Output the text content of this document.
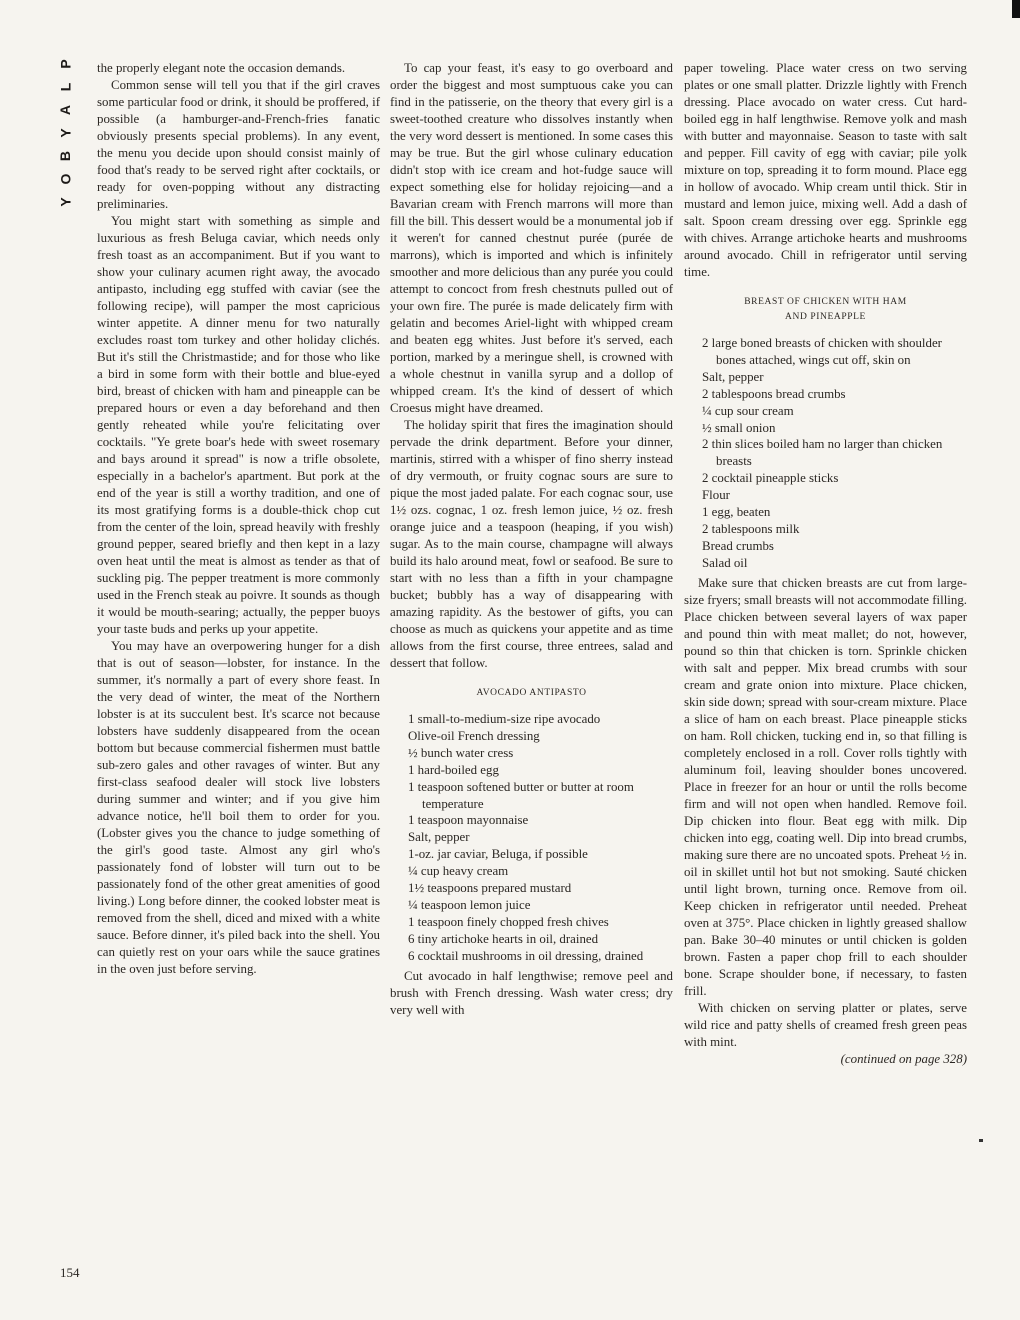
P
L
A
Y
B
O
Y

the properly elegant note the occasion demands.

Common sense will tell you that if the girl craves some particular food or drink, it should be proffered, if possible (a hamburger-and-French-fries fanatic obviously presents special problems). In any event, the menu you decide upon should consist mainly of food that's ready to be served right after cocktails, or ready for oven-popping without any distracting preliminaries.

You might start with something as simple and luxurious as fresh Beluga caviar, which needs only fresh toast as an accompaniment. But if you want to show your culinary acumen right away, the avocado antipasto, including egg stuffed with caviar (see the following recipe), will pamper the most capricious winter appetite. A dinner menu for two naturally excludes roast tom turkey and other holiday clichés. But it's still the Christmastide; and for those who like a bird in some form with their bottle and blue-eyed bird, breast of chicken with ham and pineapple can be prepared hours or even a day beforehand and then gently reheated while you're felicitating over cocktails. "Ye grete boar's hede with sweet rosemary and bays around it spread" is now a trifle obsolete, especially in a bachelor's apartment. But pork at the end of the year is still a worthy tradition, and one of its most gratifying forms is a double-thick chop cut from the center of the loin, spread heavily with freshly ground pepper, seared briefly and then kept in a lazy oven heat until the meat is almost as tender as that of suckling pig. The pepper treatment is more commonly used in the French steak au poivre. It sounds as though it would be mouth-searing; actually, the pepper buoys your taste buds and perks up your appetite.

You may have an overpowering hunger for a dish that is out of season—lobster, for instance. In the summer, it's normally a part of every shore feast. In the very dead of winter, the meat of the Northern lobster is at its succulent best. It's scarce not because lobsters have suddenly disappeared from the ocean bottom but because commercial fishermen must battle sub-zero gales and other ravages of winter. But any first-class seafood dealer will stock live lobsters during summer and winter; and if you give him advance notice, he'll boil them to order for you. (Lobster gives you the chance to judge something of the girl's good taste. Almost any girl who's passionately fond of lobster will turn out to be passionately fond of the other great amenities of good living.) Long before dinner, the cooked lobster meat is removed from the shell, diced and mixed with a white sauce. Before dinner, it's piled back into the shell. You can quietly rest on your oars while the sauce gratines in the oven just before serving.

To cap your feast, it's easy to go overboard and order the biggest and most sumptuous cake you can find in the patisserie, on the theory that every girl is a sweet-toothed creature who dissolves instantly when the very word dessert is mentioned. In some cases this may be true. But the girl whose culinary education didn't stop with ice cream and hot-fudge sauce will expect something else for holiday rejoicing—and a Bavarian cream with French marrons will more than fill the bill. This dessert would be a monumental job if it weren't for canned chestnut purée (purée de marrons), which is imported and which is infinitely smoother and more delicious than any purée you could attempt to concoct from fresh chestnuts pulled out of your own fire. The purée is made delicately firm with gelatin and becomes Ariel-light with whipped cream and beaten egg whites. Just before it's served, each portion, marked by a meringue shell, is crowned with a whole chestnut in vanilla syrup and a dollop of whipped cream. It's the kind of dessert of which Croesus might have dreamed.

The holiday spirit that fires the imagination should pervade the drink department. Before your dinner, martinis, stirred with a whisper of fino sherry instead of dry vermouth, or fruity cognac sours are sure to pique the most jaded palate. For each cognac sour, use 1½ ozs. cognac, 1 oz. fresh lemon juice, ½ oz. fresh orange juice and a teaspoon (heaping, if you wish) sugar. As to the main course, champagne will always build its halo around meat, fowl or seafood. Be sure to start with no less than a fifth in your champagne bucket; bubbly has a way of disappearing with amazing rapidity. As the bestower of gifts, you can choose as much as quickens your appetite and as time allows from the first course, three entrees, salad and dessert that follow.

AVOCADO ANTIPASTO
1 small-to-medium-size ripe avocado
Olive-oil French dressing
½ bunch water cress
1 hard-boiled egg
1 teaspoon softened butter or butter at room temperature
1 teaspoon mayonnaise
Salt, pepper
1-oz. jar caviar, Beluga, if possible
¼ cup heavy cream
1½ teaspoons prepared mustard
¼ teaspoon lemon juice
1 teaspoon finely chopped fresh chives
6 tiny artichoke hearts in oil, drained
6 cocktail mushrooms in oil dressing, drained

Cut avocado in half lengthwise; remove peel and brush with French dressing. Wash water cress; dry very well with

paper toweling. Place water cress on two serving plates or one small platter. Drizzle lightly with French dressing. Place avocado on water cress. Cut hard-boiled egg in half lengthwise. Remove yolk and mash with butter and mayonnaise. Season to taste with salt and pepper. Fill cavity of egg with caviar; pile yolk mixture on top, spreading it to form mound. Place egg in hollow of avocado. Whip cream until thick. Stir in mustard and lemon juice, mixing well. Add a dash of salt. Spoon cream dressing over egg. Sprinkle egg with chives. Arrange artichoke hearts and mushrooms around avocado. Chill in refrigerator until serving time.

BREAST OF CHICKEN WITH HAM
AND PINEAPPLE
2 large boned breasts of chicken with shoulder bones attached, wings cut off, skin on
Salt, pepper
2 tablespoons bread crumbs
¼ cup sour cream
½ small onion
2 thin slices boiled ham no larger than chicken breasts
2 cocktail pineapple sticks
Flour
1 egg, beaten
2 tablespoons milk
Bread crumbs
Salad oil

Make sure that chicken breasts are cut from large-size fryers; small breasts will not accommodate filling. Place chicken between several layers of wax paper and pound thin with meat mallet; do not, however, pound so thin that chicken is torn. Sprinkle chicken with salt and pepper. Mix bread crumbs with sour cream and grate onion into mixture. Place chicken, skin side down; spread with sour-cream mixture. Place a slice of ham on each breast. Place pineapple sticks on ham. Roll chicken, tucking end in, so that filling is completely enclosed in a roll. Cover rolls tightly with aluminum foil, leaving shoulder bones uncovered. Place in freezer for an hour or until the rolls become firm and will not open when handled. Remove foil. Dip chicken into flour. Beat egg with milk. Dip chicken into egg, coating well. Dip into bread crumbs, making sure there are no uncoated spots. Preheat ½ in. oil in skillet until hot but not smoking. Sauté chicken until light brown, turning once. Remove from oil. Keep chicken in refrigerator until needed. Preheat oven at 375°. Place chicken in lightly greased shallow pan. Bake 30–40 minutes or until chicken is golden brown. Fasten a paper chop frill to each shoulder bone. Scrape shoulder bone, if necessary, to fasten frill.

With chicken on serving platter or plates, serve wild rice and patty shells of creamed fresh green peas with mint.

(continued on page 328)

154
